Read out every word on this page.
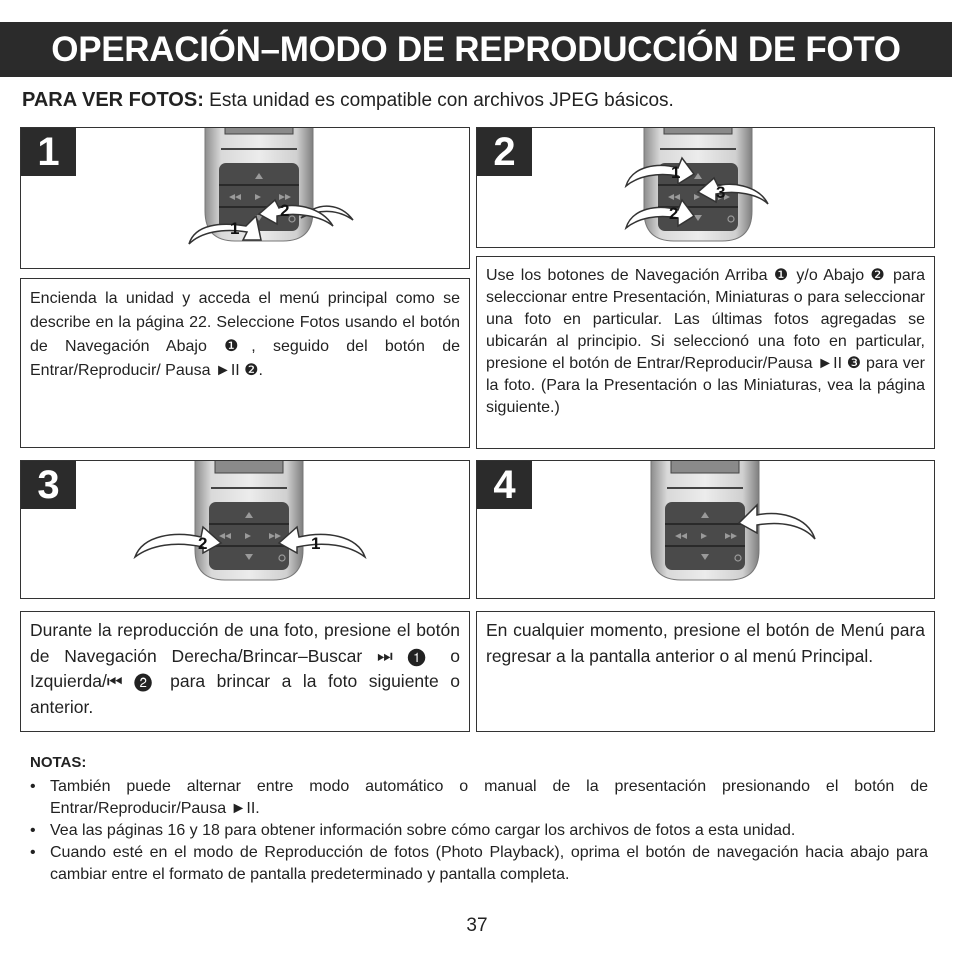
OPERACIÓN–MODO DE REPRODUCCIÓN DE FOTO
PARA VER FOTOS: Esta unidad es compatible con archivos JPEG básicos.
1
2
1
Encienda la unidad y acceda el menú principal como se describe en la página 22. Seleccione Fotos usando el botón de Navegación Abajo ❶, seguido del botón de Entrar/Reproducir/ Pausa ►II ❷.
2	1
3
2
Use los botones de Navegación Arriba ❶ y/o Abajo ❷ para seleccionar entre Presentación, Miniaturas o para seleccionar una foto en particular. Las últimas fotos agregadas se ubicarán al principio. Si seleccionó una foto en particular, presione el botón de Entrar/Reproducir/Pausa ►II ❸ para ver la foto. (Para la Presentación o las Miniaturas, vea la página siguiente.)
3
2	1
Durante la reproducción de una foto, presione el botón de Navegación Derecha/Brincar–Buscar ⏭ ❶ o Izquierda/⏮ ❷ para brincar a la foto siguiente o anterior.
4
En cualquier momento, presione el botón de Menú para regresar a la pantalla anterior o al menú Principal.
NOTAS:
• También puede alternar entre modo automático o manual de la presentación presionando el botón de Entrar/Reproducir/Pausa ►II.
• Vea las páginas 16 y 18 para obtener información sobre cómo cargar los archivos de fotos a esta unidad.
• Cuando esté en el modo de Reproducción de fotos (Photo Playback), oprima el botón de navegación hacia abajo para cambiar entre el formato de pantalla predeterminado y pantalla completa.
37
